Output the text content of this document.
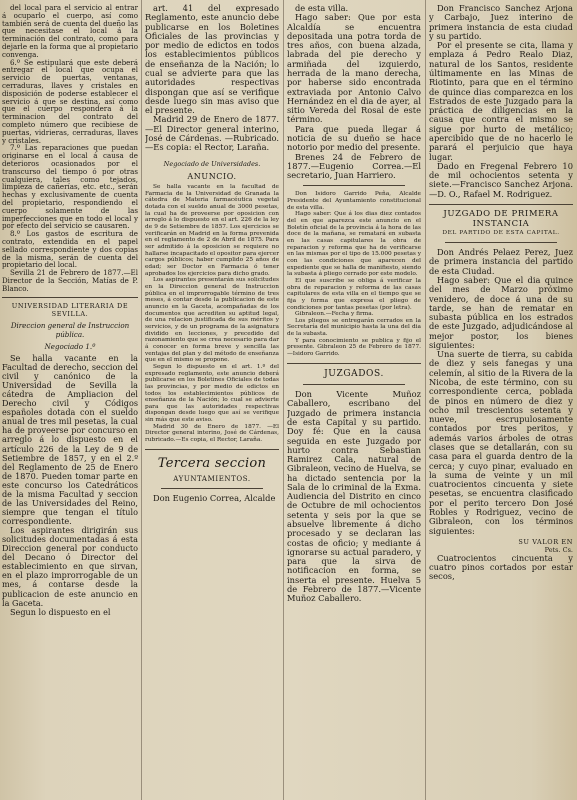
del local para el servicio al entrar á ocuparlo el cuerpo, así como también será de cuenta del dueño las que necesitase el local á la terminación del contrato, como para dejarle en la forma que al propietario convenga.

6.º Se estipulará que este deberá entregar el local que ocupa el servicio de puertas, ventanas, cerraduras, llaves y cristales en disposición de poderse establecer el servicio á que se destina, así como que el cuerpo respondera á la terminacion del contrato del completo número que recibiese de puertas, vidrieras, cerraduras, llaves y cristales.

7.º Las reparaciones que puedan originarse en el local á causa de deterioros ocasionados por el transcurso del tiempo ó por otras cualquiera, tales como tejados, limpieza de cañerías, etc. etc., serán hechas y exclusivamente de cuenta del propietario, respondiendo el cuerpo solamente de las imperfecciones que en todo el local y por efecto del servicio se causaren.

8.º Los gastos de escritura de contrato, extendida en el papel sellado correspondiente y dos copias de la misma, serán de cuenta del propietario del local.

Sevilla 21 de Febrero de 1877.—El Director de la Sección, Matías de P. Blanco.

UNIVERSIDAD LITERARIA DE SEVILLA.
Direccion general de Instruccion pública.
Negociado 1.º

Se halla vacante en la Facultad de derecho, seccion del civil y canónico de la Universidad de Sevilla la cátedra de Ampliacion del Derecho civil y Códigos españoles dotada con el sueldo anual de tres mil pesetas, la cual ha de proveerse por concurso en arreglo á lo dispuesto en el artículo 226 de la Ley de 9 de Setiembre de 1857, y en el 2.º del Reglamento de 25 de Enero de 1870. Pueden tomar parte en este concurso los Catedráticos de la misma Facultad y seccion de las Universidades del Reino, siempre que tengan el título correspondiente.

Los aspirantes dirigirán sus solicitudes documentadas á esta Direccion general por conducto del Decano ó Director del establecimiento en que sirvan, en el plazo improrrogable de un mes, á contarse desde la publicacion de este anuncio en la Gaceta.

Segun lo dispuesto en el

art. 41 del expresado Reglamento, este anuncio debe publicarse en los Boletines Oficiales de las provincias y por medio de edictos en todos los establecimientos públicos de enseñanza de la Nación; lo cual se advierte para que las autoridades respectivas dispongan que así se verifique desde luego sin mas aviso que el presente.

Madrid 29 de Enero de 1877.—El Director general interino, José de Cárdenas. —Rubricado.—Es copia: el Rector, Laraña.

Negociado de Universidades.
ANUNCIO.

Se halla vacante en la facultad de Farmacia de la Universidad de Granada la cátedra de Materia farmacéutica vegetal dotada con el sueldo anual de 3000 pesetas, la cual ha de proveerse por oposicion con arreglo á lo dispuesto en el art. 226 de la ley de 9 de Setiembre de 1857. Los ejercicios se verificarán en Madrid en la forma prevenida en el reglamento de 2 de Abril de 1875. Para ser admitido á la oposicion se requiere no hallarse incapacitado el opositor para ejercer cargos públicos; haber cumplido 25 años de edad; ser Doctor en Farmacia ó tener aprobados los ejercicios para dicho grado.

Los aspirantes presentarán sus solicitudes en la Direccion general de Instruccion pública en el improrrogable término de tres meses, á contar desde la publicacion de este anuncio en la Gaceta, acompañadas de los documentos que acrediten su aptitud legal, de una relacion justificada de sus méritos y servicios, y de un programa de la asignatura dividido en lecciones, y precedido del razonamiento que se crea necesario para dar á conocer en forma breve y sencilla las ventajas del plan y del método de enseñanza que en el mismo se propone.

Segun lo dispuesto en el art. 1.º del expresado reglamento, este anuncio deberá publicarse en los Boletines Oficiales de todas las provincias, y por medio de edictos en todos los establecimientos públicos de enseñanza de la Nación; lo cual se advierte para que las autoridades respectivas dispongan desde luego que así se verifique sin más que este aviso.

Madrid 30 de Enero de 1877. —El Director general interino, José de Cárdenas, rubricado.—Es copia, el Rector, Laraña.

Tercera seccion
AYUNTAMIENTOS.

Don Eugenio Correa, Alcalde

de esta villa.

Hago saber: Que por esta Alcaldía se encuentra depositada una potra torda de tres años, con buena alzada, labrada del pie derecho y armiñada del izquierdo, herrada de la mano derecha, por haberse sido encontrada extraviada por Antonio Calvo Hernández en el dia de ayer, al sitio Vereda del Rosal de este término.

Para que pueda llegar á noticia de su dueño se hace notorio por medio del presente.

Brenes 24 de Febrero de 1877.—Eugenio Correa.—El secretario, Juan Harriero.

Don Isidoro Garrido Peña, Alcalde Presidente del Ayuntamiento constitucional de esta villa.

Hago saber: Que á los dias diez contados del en que aparezca este anuncio en el Boletín oficial de la provincia á la hora de las doce de la mañana, se rematará en subasta en las casas capitulares la obra de reparacion y reforma que ha de verificarse en las mismas por el tipo de 15.000 pesetas y con las condiciones que aparecen del expediente que se halla de manifiesto, siendo la subasta á pliego cerrado por este modelo.

El que suscribe se obliga á verificar la obra de reparacion y reforma de las casas capitulares de esta villa en el tiempo que se fija y forma que expresa el pliego de condiciones por tantas pesetas (por letra).

Gibraleon.—Fecha y firma.

Los pliegos se entregarán cerrados en la Secretaría del municipio hasta la una del dia de la subasta.

Y para conocimiento se publica y fijo el presente. Gibraleon 25 de Febrero de 1877.—Isidoro Garrido.

JUZGADOS.

Don Vicente Muñoz Caballero, escribano del Juzgado de primera instancia de esta Capital y su partido. Doy fé: Que en la causa seguida en este Juzgado por hurto contra Sebastian Ramirez Cala, natural de Gibraleon, vecino de Huelva, se ha dictado sentencia por la Sala de lo criminal de la Exma. Audiencia del Distrito en cinco de Octubre de mil ochocientos setenta y seis por la que se absuelve libremente á dicho procesado y se declaran las costas de oficio; y mediante á ignorarse su actual paradero, y para que la sirva de notificacion en forma, se inserta el presente. Huelva 5 de Febrero de 1877.—Vicente Muñoz Caballero.

Don Francisco Sanchez Arjona y Carbajo, Juez interino de primera instancia de esta ciudad y su partido.

Por el presente se cita, llama y emplaza á Pedro Realo Diaz, natural de los Santos, residente últimamente en las Minas de Riotinto, para que en el término de quince dias comparezca en los Estrados de este Juzgado para la práctica de diligencias en la causa que contra el mismo se sigue por hurto de metálico; apercibido que de no hacerlo le parará el perjuicio que haya lugar.

Dado en Fregenal Febrero 10 de mil ochocientos setenta y siete.—Francisco Sanchez Arjona.—D. O., Rafael M. Rodriguez.

JUZGADO DE PRIMERA INSTANCIA
DEL PARTIDO DE ESTA CAPITAL.

Don Andrés Pelaez Perez, Juez de primera instancia del partido de esta Ciudad.

Hago saber: Que el dia quince del mes de Marzo próximo venidero, de doce á una de su tarde, se han de rematar en subasta pública en los estrados de este Juzgado, adjudicándose al mejor postor, los bienes siguientes:

Una suerte de tierra, su cabida de diez y seis fanegas y una celemín, al sitio de la Rivera de la Nicoba, de este término, con su correspondiente cerca, poblada de pinos en número de diez y ocho mil trescientos setenta y nueve, escrupulosamente contados por tres peritos, y además varios árboles de otras clases que se detallarán, con su casa para el guarda dentro de la cerca; y cuyo pinar, evaluado en la suma de veinte y un mil cuatrocientos cincuenta y siete pesetas, se encuentra clasificado por el perito tercero Don José Robles y Rodriguez, vecino de Gibraleon, con los términos siguientes:

SU VALOR EN
Pets. Cs.

Cuatrocientos cincuenta y cuatro pinos cortados por estar secos,
